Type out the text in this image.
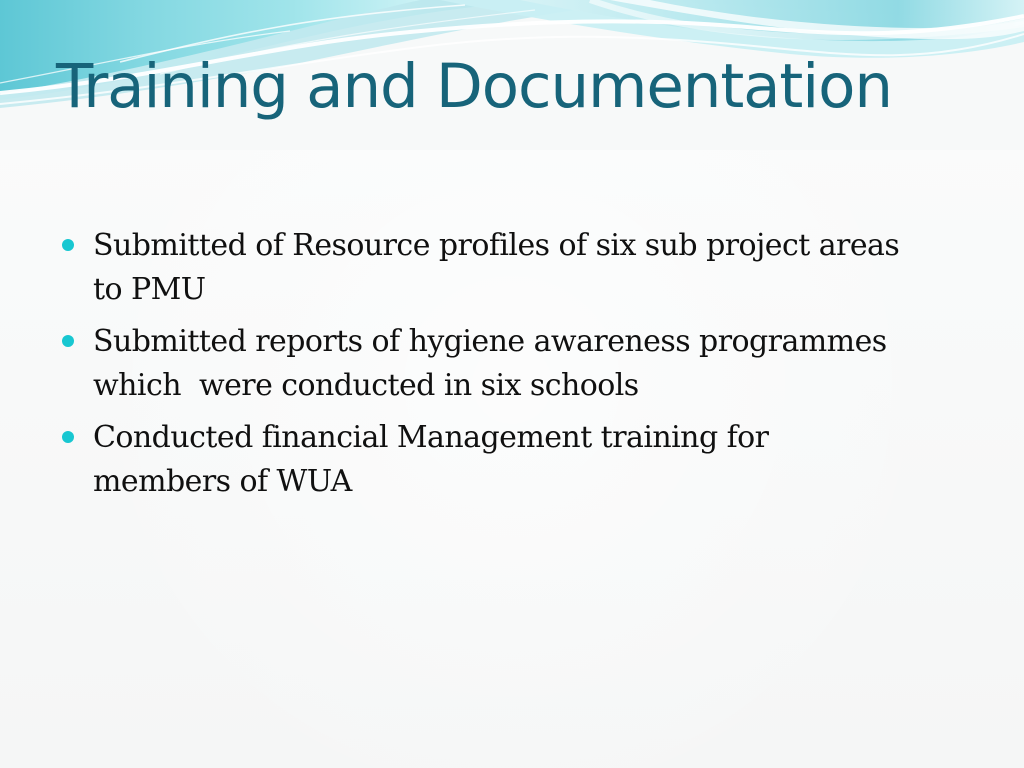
Training and Documentation
Submitted of Resource profiles of six sub project areas
to PMU
Submitted reports of hygiene awareness programmes
which  were conducted in six schools
Conducted financial Management training for
members of WUA
